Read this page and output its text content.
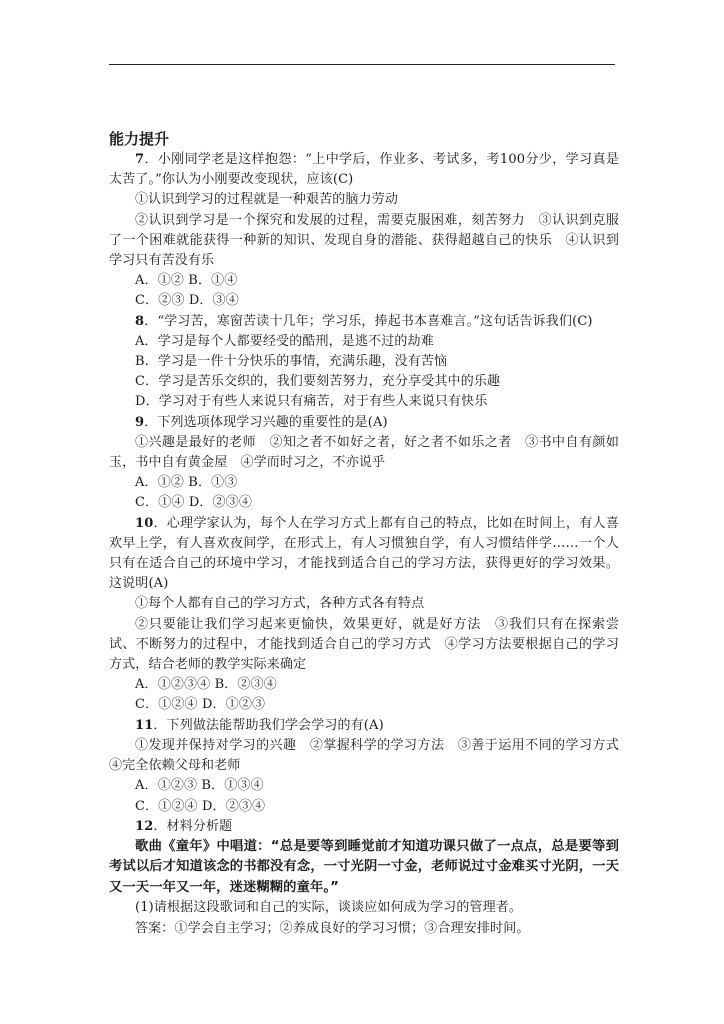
能力提升

7．小刚同学老是这样抱怨：“上中学后，作业多、考试多，考100分少，学习真是太苦了。”你认为小刚要改变现状，应该(C)

①认识到学习的过程就是一种艰苦的脑力劳动

②认识到学习是一个探究和发展的过程，需要克服困难，刻苦努力　③认识到克服了一个困难就能获得一种新的知识、发现自身的潜能、获得超越自己的快乐　④认识到学习只有苦没有乐

A．①② B．①④

C．②③ D．③④

8．“学习苦，寒窗苦读十几年；学习乐，捧起书本喜难言。”这句话告诉我们(C)

A．学习是每个人都要经受的酷刑，是逃不过的劫难

B．学习是一件十分快乐的事情，充满乐趣，没有苦恼

C．学习是苦乐交织的，我们要刻苦努力，充分享受其中的乐趣

D．学习对于有些人来说只有痛苦，对于有些人来说只有快乐

9．下列选项体现学习兴趣的重要性的是(A)

①兴趣是最好的老师　②知之者不如好之者，好之者不如乐之者　③书中自有颜如玉，书中自有黄金屋　④学而时习之，不亦说乎

A．①② B．①③

C．①④ D．②③④

10．心理学家认为，每个人在学习方式上都有自己的特点，比如在时间上，有人喜欢早上学，有人喜欢夜间学，在形式上，有人习惯独自学，有人习惯结伴学……一个人只有在适合自己的环境中学习，才能找到适合自己的学习方法，获得更好的学习效果。这说明(A)

①每个人都有自己的学习方式，各种方式各有特点

②只要能让我们学习起来更愉快，效果更好，就是好方法　③我们只有在探索尝试、不断努力的过程中，才能找到适合自己的学习方式　④学习方法要根据自己的学习方式，结合老师的教学实际来确定

A．①②③④ B．②③④

C．①②④ D．①②③

11．下列做法能帮助我们学会学习的有(A)

①发现并保持对学习的兴趣　②掌握科学的学习方法　③善于运用不同的学习方式　④完全依赖父母和老师

A．①②③ B．①③④

C．①②④ D．②③④

12．材料分析题

歌曲《童年》中唱道：“总是要等到睡觉前才知道功课只做了一点点，总是要等到考试以后才知道该念的书都没有念，一寸光阴一寸金，老师说过寸金难买寸光阴，一天又一天一年又一年，迷迷糊糊的童年。”

(1)请根据这段歌词和自己的实际，谈谈应如何成为学习的管理者。

答案：①学会自主学习；②养成良好的学习习惯；③合理安排时间。
